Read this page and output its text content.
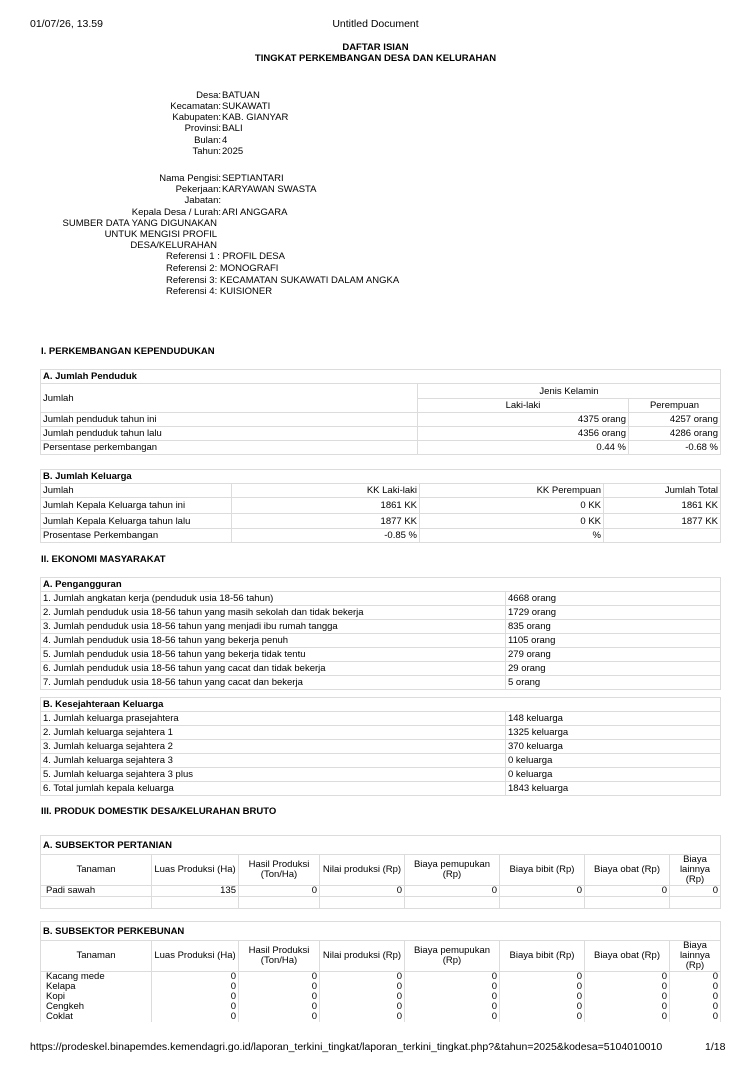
01/07/26, 13.59	Untitled Document
DAFTAR ISIAN
TINGKAT PERKEMBANGAN DESA DAN KELURAHAN
Desa: BATUAN
Kecamatan: SUKAWATI
Kabupaten: KAB. GIANYAR
Provinsi: BALI
Bulan: 4
Tahun: 2025
Nama Pengisi: SEPTIANTARI
Pekerjaan: KARYAWAN SWASTA
Jabatan:
Kepala Desa / Lurah: ARI ANGGARA
SUMBER DATA YANG DIGUNAKAN
UNTUK MENGISI PROFIL
DESA/KELURAHAN
Referensi 1 : PROFIL DESA
Referensi 2: MONOGRAFI
Referensi 3: KECAMATAN SUKAWATI DALAM ANGKA
Referensi 4: KUISIONER
I. PERKEMBANGAN KEPENDUDUKAN
A. Jumlah Penduduk		
Jumlah	Jenis Kelamin	
	Laki-laki	Perempuan
Jumlah penduduk tahun ini	4375 orang	4257 orang
Jumlah penduduk tahun lalu	4356 orang	4286 orang
Persentase perkembangan	0.44 %	-0.68 %
B. Jumlah Keluarga			
Jumlah	KK Laki-laki	KK Perempuan	Jumlah Total
Jumlah Kepala Keluarga tahun ini	1861 KK	0 KK	1861 KK
Jumlah Kepala Keluarga tahun lalu	1877 KK	0 KK	1877 KK
Prosentase Perkembangan	-0.85 %	%	
II. EKONOMI MASYARAKAT
A. Pengangguran	
1. Jumlah angkatan kerja (penduduk usia 18-56 tahun)	4668 orang
2. Jumlah penduduk usia 18-56 tahun yang masih sekolah dan tidak bekerja	1729 orang
3. Jumlah penduduk usia 18-56 tahun yang menjadi ibu rumah tangga	835 orang
4. Jumlah penduduk usia 18-56 tahun yang bekerja penuh	1105 orang
5. Jumlah penduduk usia 18-56 tahun yang bekerja tidak tentu	279 orang
6. Jumlah penduduk usia 18-56 tahun yang cacat dan tidak bekerja	29 orang
7. Jumlah penduduk usia 18-56 tahun yang cacat dan bekerja	5 orang
B. Kesejahteraan Keluarga	
1. Jumlah keluarga prasejahtera	148 keluarga
2. Jumlah keluarga sejahtera 1	1325 keluarga
3. Jumlah keluarga sejahtera 2	370 keluarga
4. Jumlah keluarga sejahtera 3	0 keluarga
5. Jumlah keluarga sejahtera 3 plus	0 keluarga
6. Total jumlah kepala keluarga	1843 keluarga
III. PRODUK DOMESTIK DESA/KELURAHAN BRUTO
A. SUBSEKTOR PERTANIAN							
Tanaman	Luas Produksi (Ha)	Hasil Produksi (Ton/Ha)	Nilai produksi (Rp)	Biaya pemupukan (Rp)	Biaya bibit (Rp)	Biaya obat (Rp)	Biaya lainnya (Rp)
Padi sawah	135	0	0	0	0	0	0

B. SUBSEKTOR PERKEBUNAN							
Tanaman	Luas Produksi (Ha)	Hasil Produksi (Ton/Ha)	Nilai produksi (Rp)	Biaya pemupukan (Rp)	Biaya bibit (Rp)	Biaya obat (Rp)	Biaya lainnya (Rp)
Kacang mede	0	0	0	0	0	0	0
Kelapa	0	0	0	0	0	0	0
Kopi	0	0	0	0	0	0	0
Cengkeh	0	0	0	0	0	0	0
Coklat	0	0	0	0	0	0	0
https://prodeskel.binapemdes.kemendagri.go.id/laporan_terkini_tingkat/laporan_terkini_tingkat.php?&tahun=2025&kodesa=5104010010	1/18
